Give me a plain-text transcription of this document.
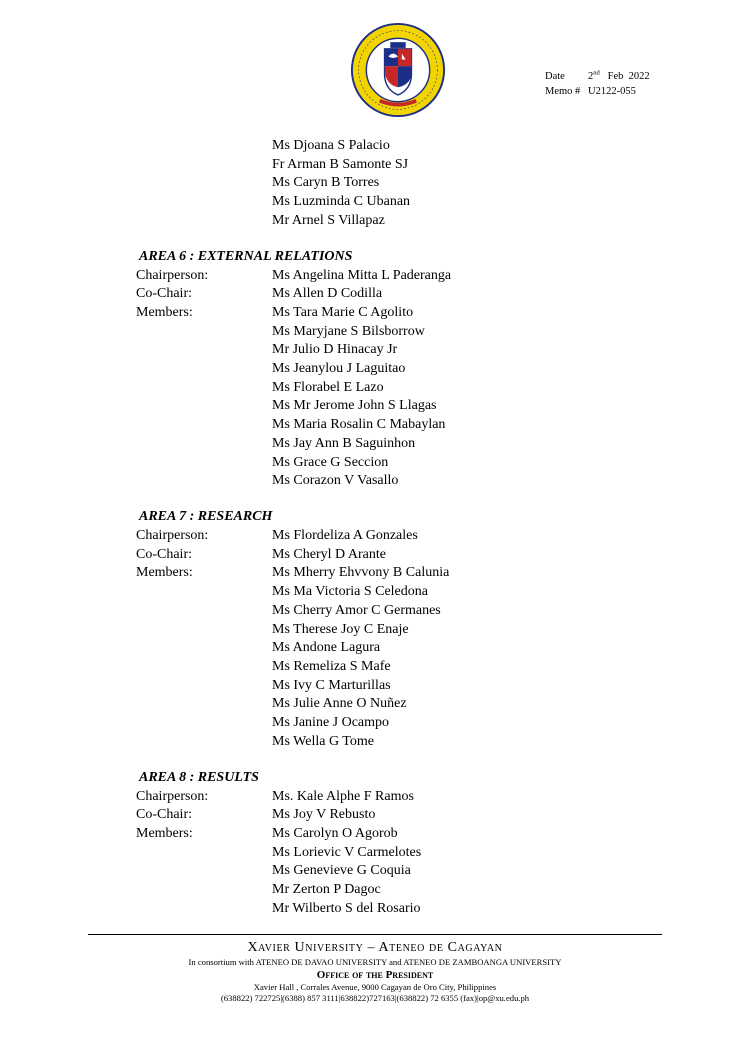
Date 2nd Feb  2022
Memo # U2122-055
Ms Djoana S Palacio
Fr Arman B Samonte SJ
Ms Caryn B Torres
Ms Luzminda C Ubanan
Mr Arnel S Villapaz
AREA 6 : EXTERNAL RELATIONS
Chairperson:	Ms Angelina Mitta L Paderanga
Co-Chair:	Ms Allen D Codilla
Members:	Ms Tara Marie C Agolito
Ms Maryjane S Bilsborrow
Mr Julio D Hinacay Jr
Ms Jeanylou J Laguitao
Ms Florabel E Lazo
Ms Mr Jerome John S Llagas
Ms Maria Rosalin C Mabaylan
Ms Jay Ann B Saguinhon
Ms Grace G Seccion
Ms Corazon V Vasallo
AREA 7 : RESEARCH
Chairperson:	Ms Flordeliza A Gonzales
Co-Chair:	Ms Cheryl D Arante
Members:	Ms Mherry Ehvvony B Calunia
Ms Ma Victoria S Celedona
Ms Cherry Amor C Germanes
Ms Therese Joy C Enaje
Ms Andone Lagura
Ms Remeliza S Mafe
Ms Ivy C Marturillas
Ms Julie Anne O Nuñez
Ms Janine J Ocampo
Ms Wella G Tome
AREA 8 : RESULTS
Chairperson:	Ms. Kale Alphe F Ramos
Co-Chair:	Ms Joy V Rebusto
Members:	Ms Carolyn O Agorob
Ms Lorievic V Carmelotes
Ms Genevieve G Coquia
Mr Zerton P Dagoc
Mr Wilberto S del Rosario
Xavier University – Ateneo de Cagayan
In consortium with ATENEO DE DAVAO UNIVERSITY and ATENEO DE ZAMBOANGA UNIVERSITY
Office of the President
Xavier Hall , Corrales Avenue, 9000 Cagayan de Oro City, Philippines
(638822) 722725|(6388) 857 3111|638822)727163|(638822) 72 6355 (fax)|op@xu.edu.ph
